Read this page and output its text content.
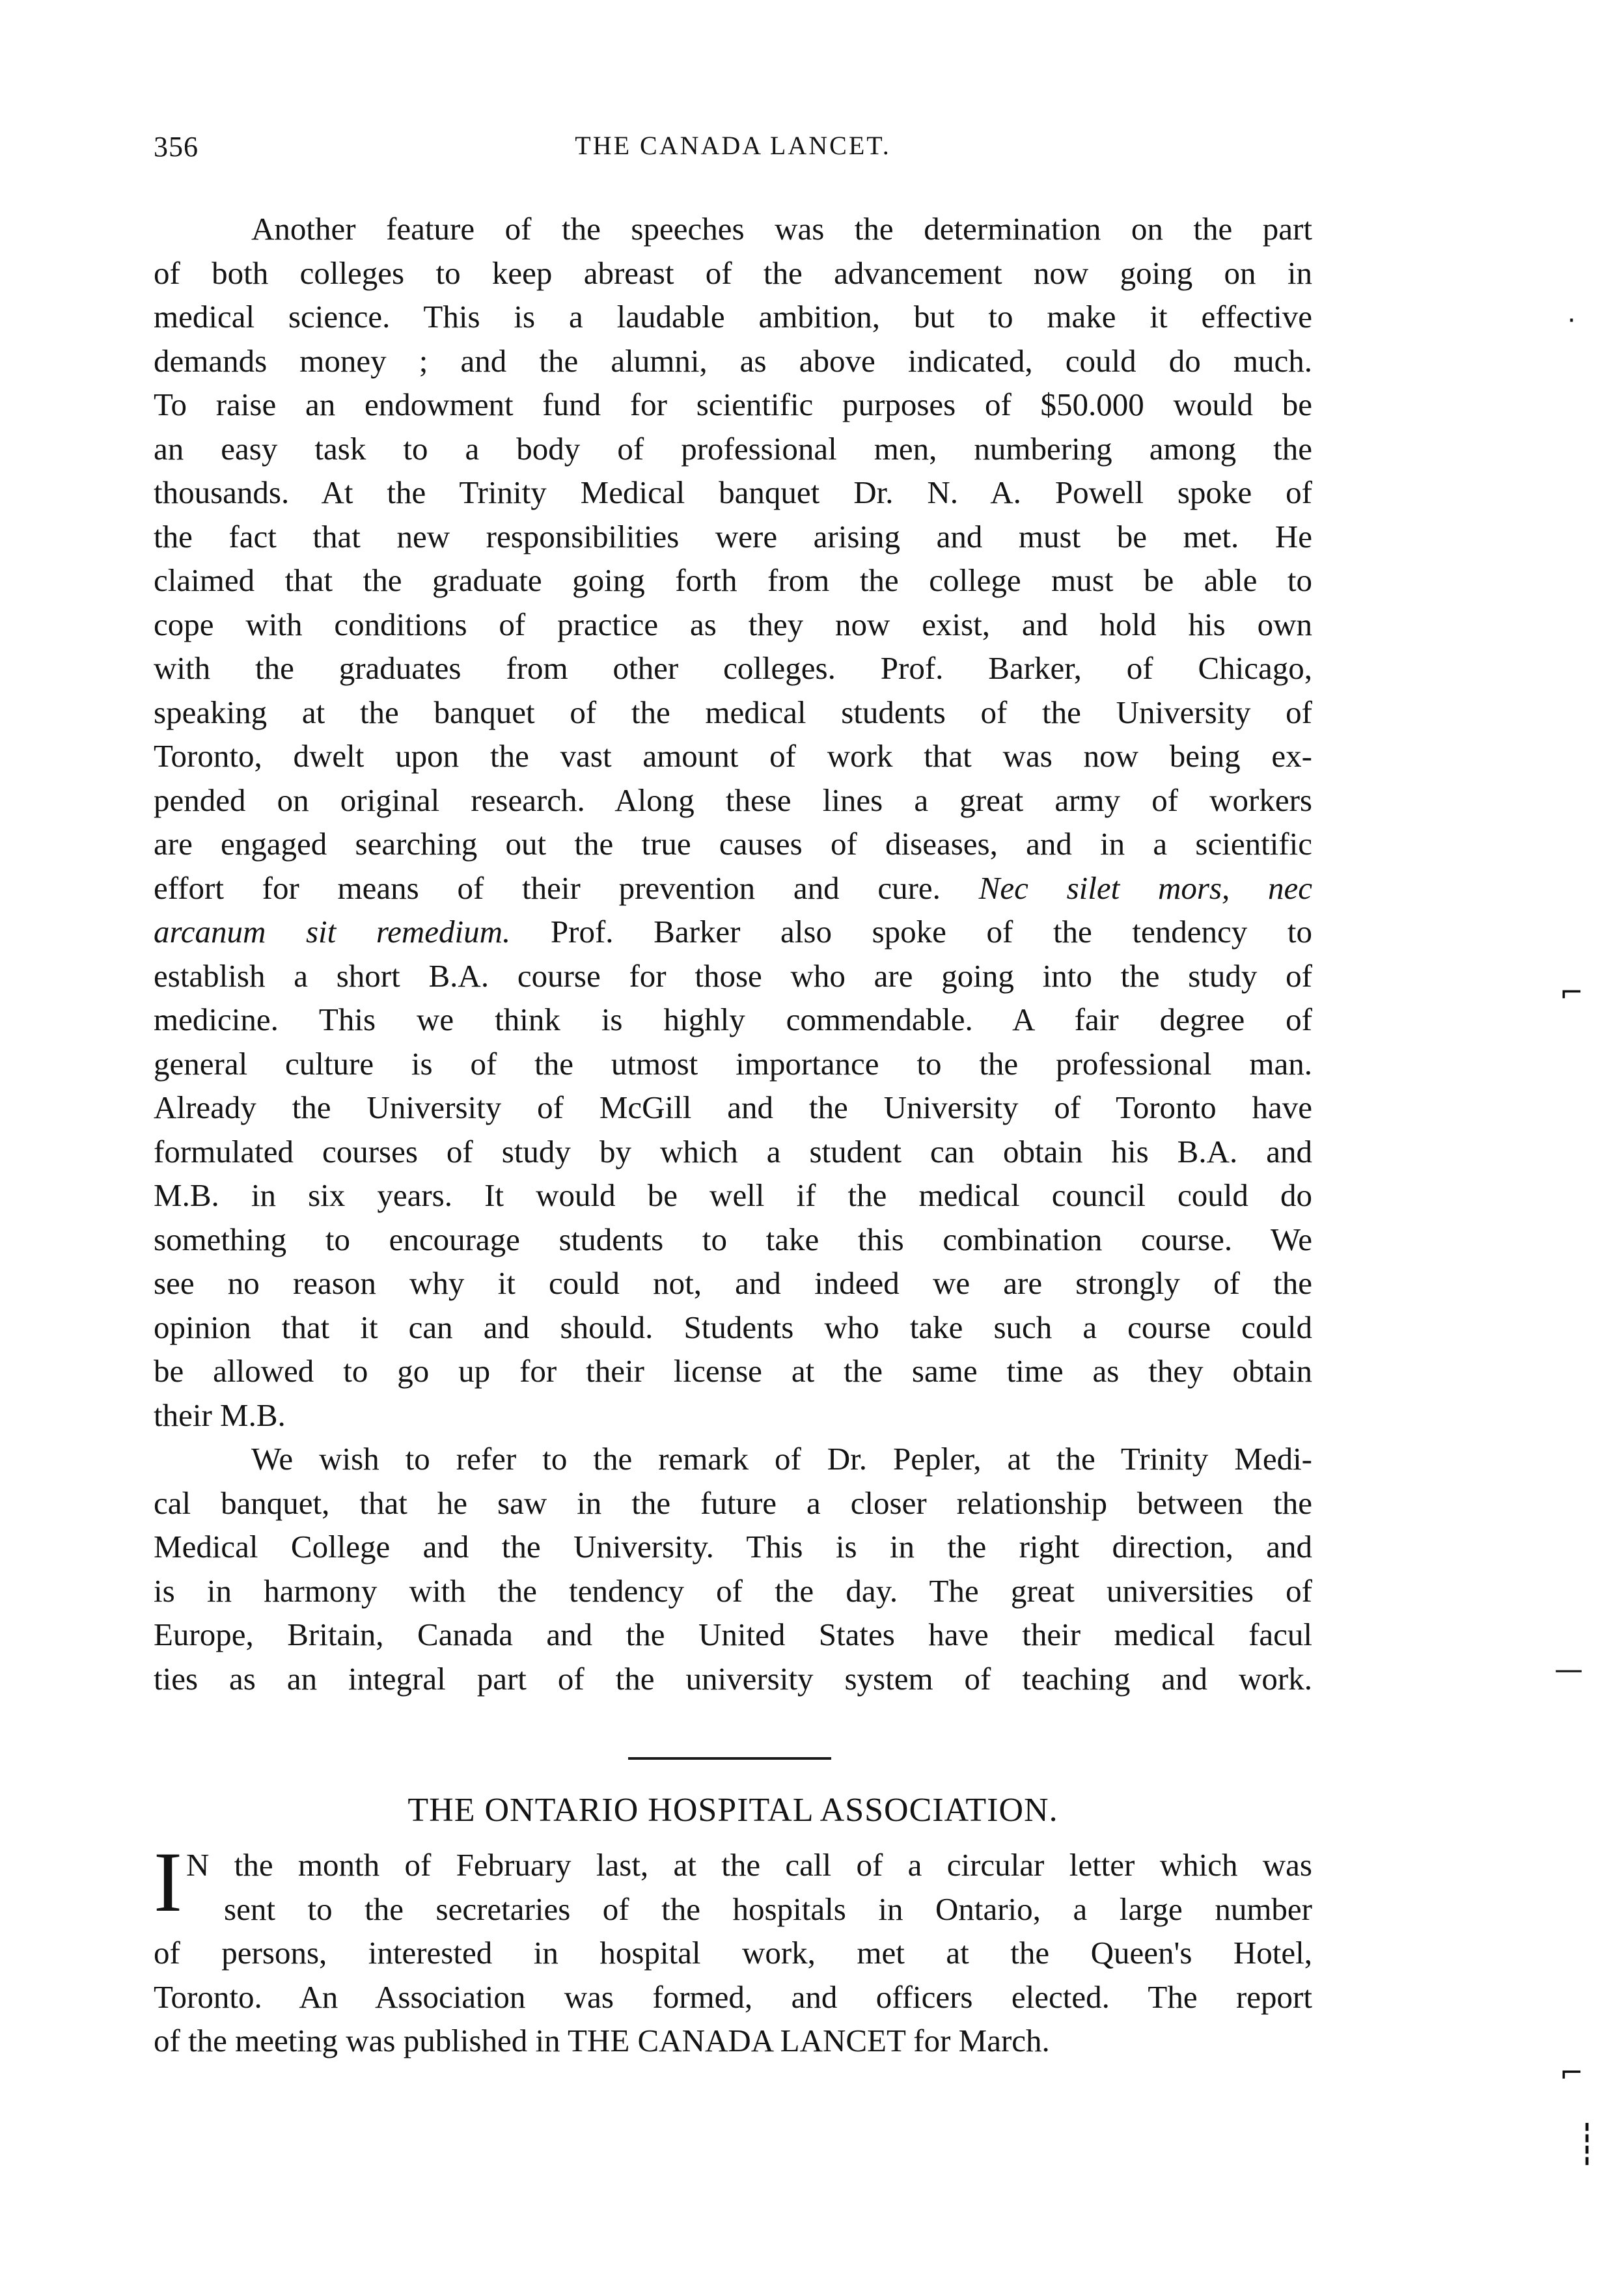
356	THE CANADA LANCET.
Another feature of the speeches was the determination on the part
of both colleges to keep abreast of the advancement now going on in
medical science. This is a laudable ambition, but to make it effective
demands money ; and the alumni, as above indicated, could do much.
To raise an endowment fund for scientific purposes of $50.000 would be
an easy task to a body of professional men, numbering among the
thousands. At the Trinity Medical banquet Dr. N. A. Powell spoke of
the fact that new responsibilities were arising and must be met. He
claimed that the graduate going forth from the college must be able to
cope with conditions of practice as they now exist, and hold his own
with the graduates from other colleges. Prof. Barker, of Chicago,
speaking at the banquet of the medical students of the University of
Toronto, dwelt upon the vast amount of work that was now being ex-
pended on original research. Along these lines a great army of workers
are engaged searching out the true causes of diseases, and in a scientific
effort for means of their prevention and cure. Nec silet mors, nec
arcanum sit remedium. Prof. Barker also spoke of the tendency to
establish a short B.A. course for those who are going into the study of
medicine. This we think is highly commendable. A fair degree of
general culture is of the utmost importance to the professional man.
Already the University of McGill and the University of Toronto have
formulated courses of study by which a student can obtain his B.A. and
M.B. in six years. It would be well if the medical council could do
something to encourage students to take this combination course. We
see no reason why it could not, and indeed we are strongly of the
opinion that it can and should. Students who take such a course could
be allowed to go up for their license at the same time as they obtain
their M.B.
We wish to refer to the remark of Dr. Pepler, at the Trinity Medi-
cal banquet, that he saw in the future a closer relationship between the
Medical College and the University. This is in the right direction, and
is in harmony with the tendency of the day. The great universities of
Europe, Britain, Canada and the United States have their medical facul
ties as an integral part of the university system of teaching and work.
THE ONTARIO HOSPITAL ASSOCIATION.
I N the month of February last, at the call of a circular letter which was
sent to the secretaries of the hospitals in Ontario, a large number
of persons, interested in hospital work, met at the Queen's Hotel,
Toronto. An Association was formed, and officers elected. The report
of the meeting was published in THE CANADA LANCET for March.
·
⌐
—
⌐
┊
